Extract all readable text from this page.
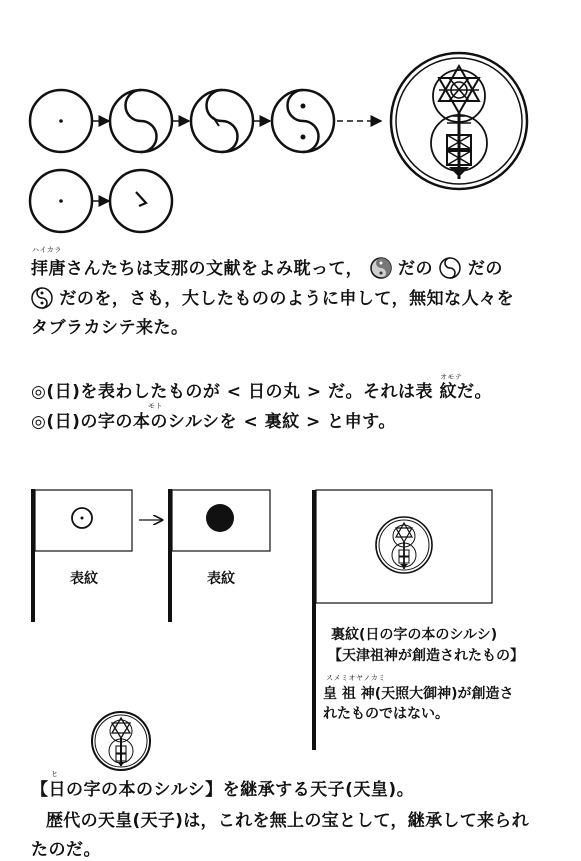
ハイカラ
拝唐さんたちは支那の文献をよみ耽って， だの だの
だのを，さも，大したもののように申して，無知な人々を
タブラカシテ来た。
オモテ
◎(日)を表わしたものが < 日の丸 > だ。それは表 紋だ。
モト
◎(日)の字の本のシルシを < 裏紋 > と申す。
表紋	表紋
裏紋(日の字の本のシルシ)
【天津祖神が創造されたもの】
スメミオヤノカミ
皇 祖 神(天照大御神)が創造さ
れたものではない。
ヒ
【日の字の本のシルシ】を継承する天子(天皇)。
歴代の天皇(天子)は，これを無上の宝として，継承して来られ
たのだ。
